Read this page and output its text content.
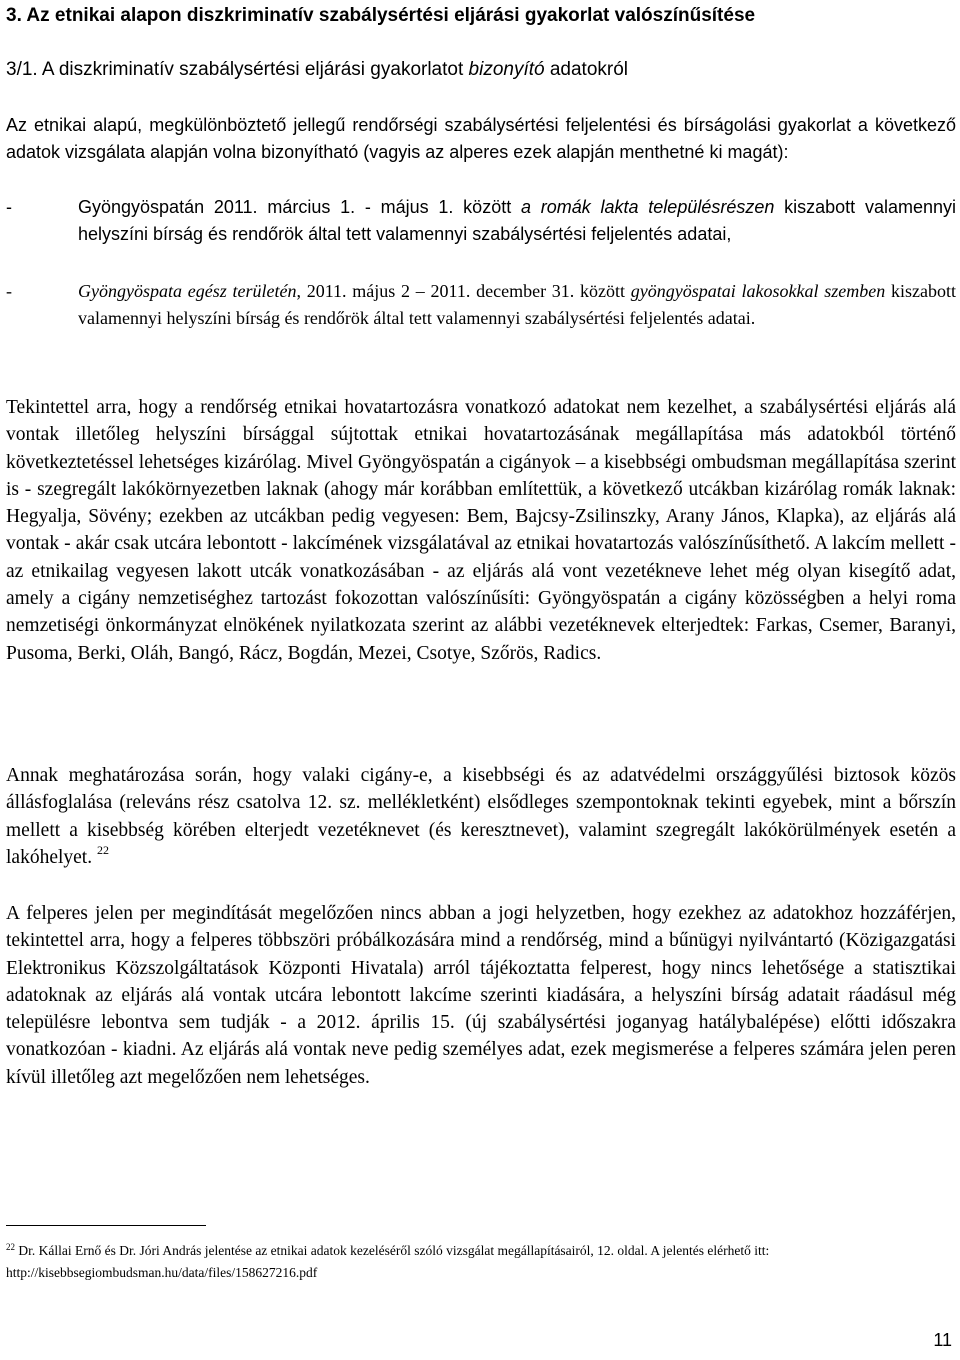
3. Az etnikai alapon diszkriminatív szabálysértési eljárási gyakorlat valószínűsítése
3/1. A diszkriminatív szabálysértési eljárási gyakorlatot bizonyító adatokról
Az etnikai alapú, megkülönböztető jellegű rendőrségi szabálysértési feljelentési és bírságolási gyakorlat a következő adatok vizsgálata alapján volna bizonyítható (vagyis az alperes ezek alapján menthetné ki magát):
-	Gyöngyöspatán 2011. március 1. - május 1. között a romák lakta településrészen kiszabott valamennyi helyszíni bírság és rendőrök által tett valamennyi szabálysértési feljelentés adatai,
-	Gyöngyöspata egész területén, 2011. május 2 – 2011. december 31. között gyöngyöspatai lakosokkal szemben kiszabott valamennyi helyszíni bírság és rendőrök által tett valamennyi szabálysértési feljelentés adatai.
Tekintettel arra, hogy a rendőrség etnikai hovatartozásra vonatkozó adatokat nem kezelhet, a szabálysértési eljárás alá vontak illetőleg helyszíni bírsággal sújtottak etnikai hovatartozásának megállapítása más adatokból történő következtetéssel lehetséges kizárólag. Mivel Gyöngyöspatán a cigányok – a kisebbségi ombudsman megállapítása szerint is - szegregált lakókörnyezetben laknak (ahogy már korábban említettük, a következő utcákban kizárólag romák laknak: Hegyalja, Sövény; ezekben az utcákban pedig vegyesen: Bem, Bajcsy-Zsilinszky, Arany János, Klapka), az eljárás alá vontak - akár csak utcára lebontott - lakcímének vizsgálatával az etnikai hovatartozás valószínűsíthető. A lakcím mellett - az etnikailag vegyesen lakott utcák vonatkozásában - az eljárás alá vont vezetékneve lehet még olyan kisegítő adat, amely a cigány nemzetiséghez tartozást fokozottan valószínűsíti: Gyöngyöspatán a cigány közösségben a helyi roma nemzetiségi önkormányzat elnökének nyilatkozata szerint az alábbi vezetéknevek elterjedtek: Farkas, Csemer, Baranyi, Pusoma, Berki, Oláh, Bangó, Rácz, Bogdán, Mezei, Csotye, Szőrös, Radics.
Annak meghatározása során, hogy valaki cigány-e, a kisebbségi és az adatvédelmi országgyűlési biztosok közös állásfoglalása (releváns rész csatolva 12. sz. mellékletként) elsődleges szempontoknak tekinti egyebek, mint a bőrszín mellett a kisebbség körében elterjedt vezetéknevet (és keresztnevet), valamint szegregált lakókörülmények esetén a lakóhelyet. $^{22}$
A felperes jelen per megindítását megelőzően nincs abban a jogi helyzetben, hogy ezekhez az adatokhoz hozzáférjen, tekintettel arra, hogy a felperes többszöri próbálkozására mind a rendőrség, mind a bűnügyi nyilvántartó (Közigazgatási Elektronikus Közszolgáltatások Központi Hivatala) arról tájékoztatta felperest, hogy nincs lehetősége a statisztikai adatoknak az eljárás alá vontak utcára lebontott lakcíme szerinti kiadására, a helyszíni bírság adatait ráadásul még településre lebontva sem tudják - a 2012. április 15. (új szabálysértési joganyag hatálybalépése) előtti időszakra vonatkozóan - kiadni. Az eljárás alá vontak neve pedig személyes adat, ezek megismerése a felperes számára jelen peren kívül illetőleg azt megelőzően nem lehetséges.
$^{22}$ Dr. Kállai Ernő és Dr. Jóri András jelentése az etnikai adatok kezeléséről szóló vizsgálat megállapításairól, 12. oldal. A jelentés elérhető itt: http://kisebbsegiombudsman.hu/data/files/158627216.pdf
11
